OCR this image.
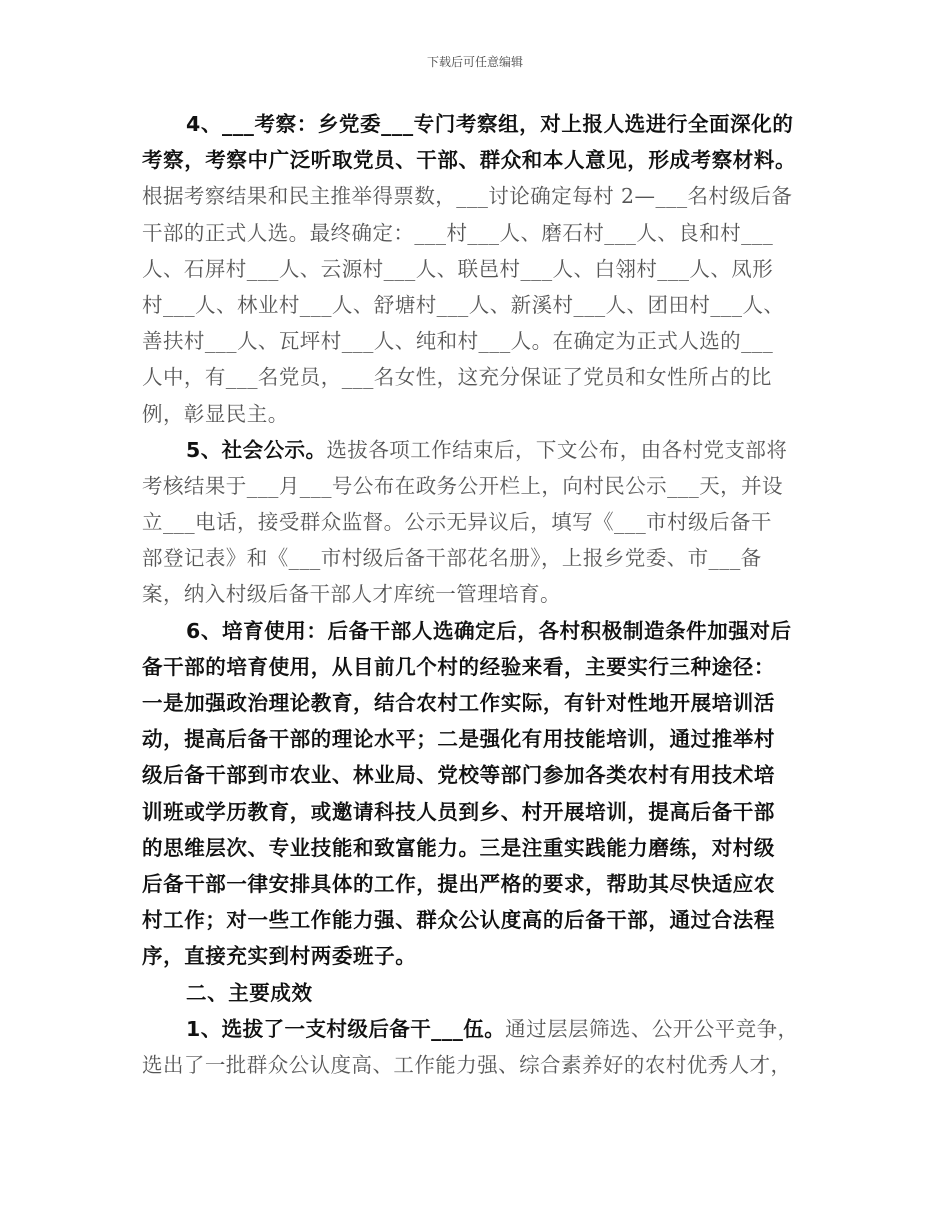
下载后可任意编辑
4、___考察：乡党委___专门考察组，对上报人选进行全面深化的
考察，考察中广泛听取党员、干部、群众和本人意见，形成考察材料。
根据考察结果和民主推举得票数，___讨论确定每村 2—___名村级后备
干部的正式人选。最终确定：___村___人、磨石村___人、良和村___
人、石屏村___人、云源村___人、联邑村___人、白翎村___人、凤形
村___人、林业村___人、舒塘村___人、新溪村___人、团田村___人、
善扶村___人、瓦坪村___人、纯和村___人。在确定为正式人选的___
人中，有___名党员，___名女性，这充分保证了党员和女性所占的比
例，彰显民主。
5、社会公示。选拔各项工作结束后，下文公布，由各村党支部将
考核结果于___月___号公布在政务公开栏上，向村民公示___天，并设
立___电话，接受群众监督。公示无异议后，填写《___市村级后备干
部登记表》和《___市村级后备干部花名册》，上报乡党委、市___备
案，纳入村级后备干部人才库统一管理培育。
6、培育使用：后备干部人选确定后，各村积极制造条件加强对后
备干部的培育使用，从目前几个村的经验来看，主要实行三种途径：
一是加强政治理论教育，结合农村工作实际，有针对性地开展培训活
动，提高后备干部的理论水平；二是强化有用技能培训，通过推举村
级后备干部到市农业、林业局、党校等部门参加各类农村有用技术培
训班或学历教育，或邀请科技人员到乡、村开展培训，提高后备干部
的思维层次、专业技能和致富能力。三是注重实践能力磨练，对村级
后备干部一律安排具体的工作，提出严格的要求，帮助其尽快适应农
村工作；对一些工作能力强、群众公认度高的后备干部，通过合法程
序，直接充实到村两委班子。
二、主要成效
1、选拔了一支村级后备干___伍。通过层层筛选、公开公平竞争，
选出了一批群众公认度高、工作能力强、综合素养好的农村优秀人才，
